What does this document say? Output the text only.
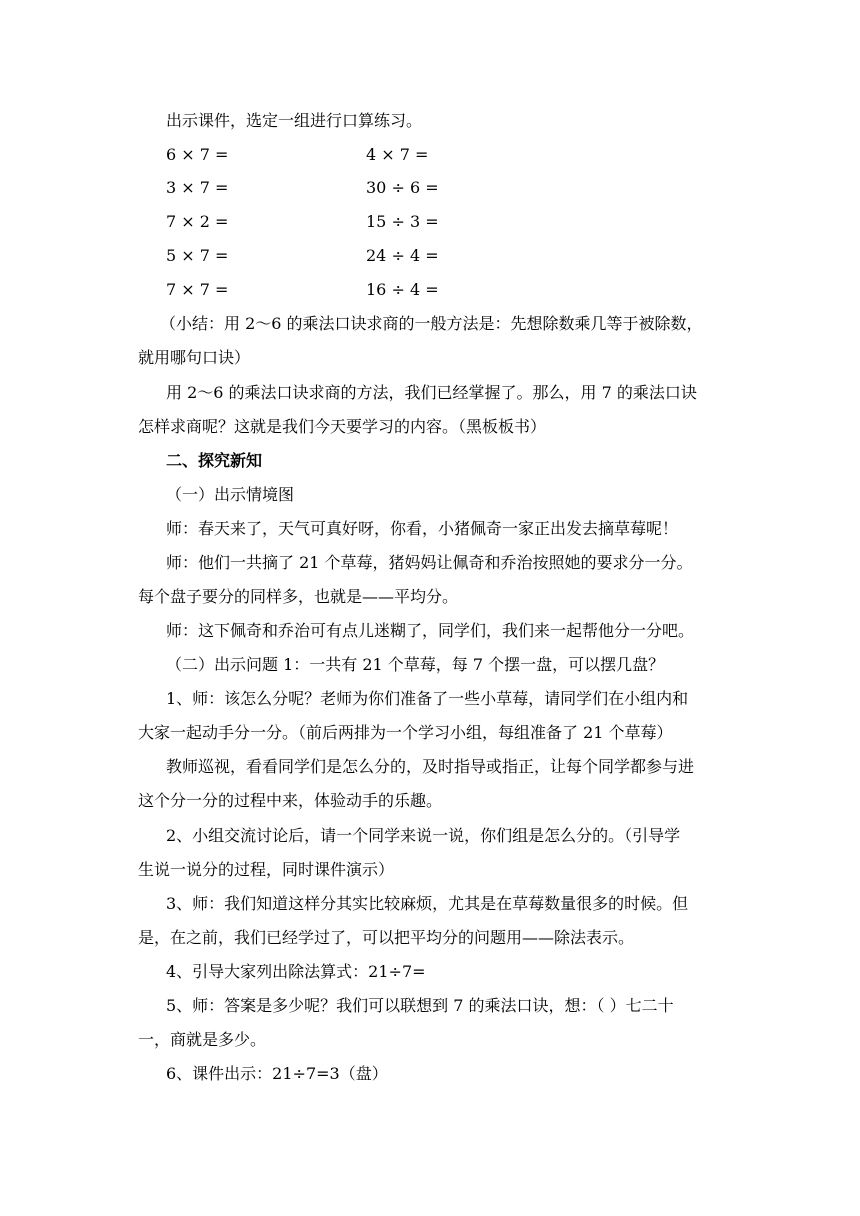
出示课件，选定一组进行口算练习。
6 × 7 =	4 × 7 =
3 × 7 =	30 ÷ 6 =
7 × 2 =	15 ÷ 3 =
5 × 7 =	24 ÷ 4 =
7 × 7 =	16 ÷ 4 =
（小结：用 2～6 的乘法口诀求商的一般方法是：先想除数乘几等于被除数，
就用哪句口诀）
用 2～6 的乘法口诀求商的方法，我们已经掌握了。那么，用 7 的乘法口诀
怎样求商呢？这就是我们今天要学习的内容。（黑板板书）
二、探究新知
（一）出示情境图
师：春天来了，天气可真好呀，你看，小猪佩奇一家正出发去摘草莓呢！
师：他们一共摘了 21 个草莓，猪妈妈让佩奇和乔治按照她的要求分一分。
每个盘子要分的同样多，也就是——平均分。
师：这下佩奇和乔治可有点儿迷糊了，同学们，我们来一起帮他分一分吧。
（二）出示问题 1：一共有 21 个草莓，每 7 个摆一盘，可以摆几盘？
1、师：该怎么分呢？老师为你们准备了一些小草莓，请同学们在小组内和
大家一起动手分一分。（前后两排为一个学习小组，每组准备了 21 个草莓）
教师巡视，看看同学们是怎么分的，及时指导或指正，让每个同学都参与进
这个分一分的过程中来，体验动手的乐趣。
2、小组交流讨论后，请一个同学来说一说，你们组是怎么分的。（引导学
生说一说分的过程，同时课件演示）
3、师：我们知道这样分其实比较麻烦，尤其是在草莓数量很多的时候。但
是，在之前，我们已经学过了，可以把平均分的问题用——除法表示。
4、引导大家列出除法算式：21÷7=
5、师：答案是多少呢？我们可以联想到 7 的乘法口诀，想：（ ）七二十
一，商就是多少。
6、课件出示：21÷7=3（盘）
